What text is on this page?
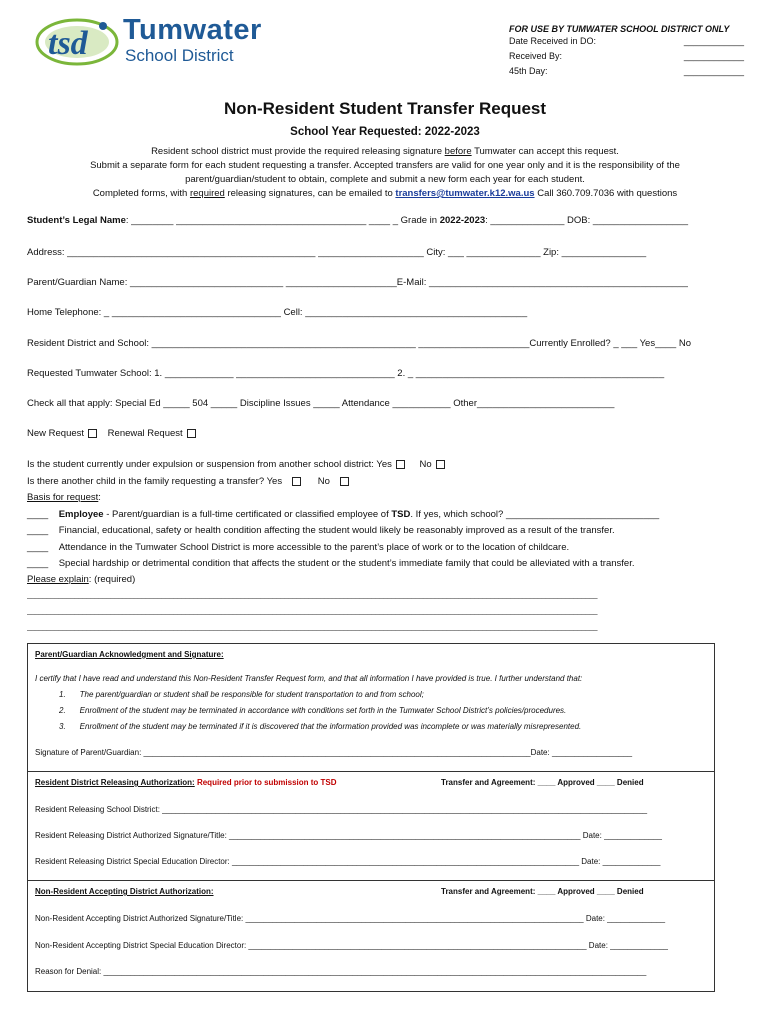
tsd Tumwater
School District
FOR USE BY TUMWATER SCHOOL DISTRICT ONLY
Date Received in DO:	____________
Received By:	____________
45th Day:	____________
Non-Resident Student Transfer Request
School Year Requested: 2022-2023
Resident school district must provide the required releasing signature before Tumwater can accept this request.
Submit a separate form for each student requesting a transfer. Accepted transfers are valid for one year only and it is the responsibility of the
parent/guardian/student to obtain, complete and submit a new form each year for each student.
Completed forms, with required releasing signatures, can be emailed to transfers@tumwater.k12.wa.us Call 360.709.7036 with questions
Student’s Legal Name: ________ ____________________________________ ____ _ Grade in 2022-2023: ______________ DOB: __________________
Address: _______________________________________________ ____________________ City: ___ ______________ Zip: ________________
Parent/Guardian Name: _____________________________ _____________________E-Mail: _________________________________________________
Home Telephone: _ ________________________________ Cell: __________________________________________
Resident District and School: __________________________________________________ _____________________Currently Enrolled? _ ___ Yes____ No
Requested Tumwater School: 1. _____________ ______________________________ 2. _ _______________________________________________
Check all that apply: Special Ed _____ 504 _____ Discipline Issues _____ Attendance ___________ Other__________________________
New Request Renewal Request
Is the student currently under expulsion or suspension from another school district: Yes	No
Is there another child in the family requesting a transfer? Yes	No
Basis for request:
____ Employee - Parent/guardian is a full-time certificated or classified employee of TSD. If yes, which school? _____________________________
____ Financial, educational, safety or health condition affecting the student would likely be reasonably improved as a result of the transfer.
____ Attendance in the Tumwater School District is more accessible to the parent’s place of work or to the location of childcare.
____ Special hardship or detrimental condition that affects the student or the student’s immediate family that could be alleviated with a transfer.
Please explain: (required)
________________________________________________________________________________________________________________________________________________
________________________________________________________________________________________________________________________________________________
________________________________________________________________________________________________________________________________________________
Parent/Guardian Acknowledgment and Signature:
I certify that I have read and understand this Non-Resident Transfer Request form, and that all information I have provided is true. I further understand that:
1. The parent/guardian or student shall be responsible for student transportation to and from school;
2. Enrollment of the student may be terminated in accordance with conditions set forth in the Tumwater School District’s policies/procedures.
3. Enrollment of the student may be terminated if it is discovered that the information provided was incomplete or was materially misrepresented.
Signature of Parent/Guardian: _______________________________________________________________________________________Date: __________________
Resident District Releasing Authorization: Required prior to submission to TSD	Transfer and Agreement: ____ Approved ____ Denied
Resident Releasing School District: _____________________________________________________________________________________________________________
Resident Releasing District Authorized Signature/Title: _______________________________________________________________________________ Date: _____________
Resident Releasing District Special Education Director: ______________________________________________________________________________ Date: _____________
Non-Resident Accepting District Authorization:	Transfer and Agreement: ____ Approved ____ Denied
Non-Resident Accepting District Authorized Signature/Title: ____________________________________________________________________________ Date: _____________
Non-Resident Accepting District Special Education Director: ____________________________________________________________________________ Date: _____________
Reason for Denial: __________________________________________________________________________________________________________________________
